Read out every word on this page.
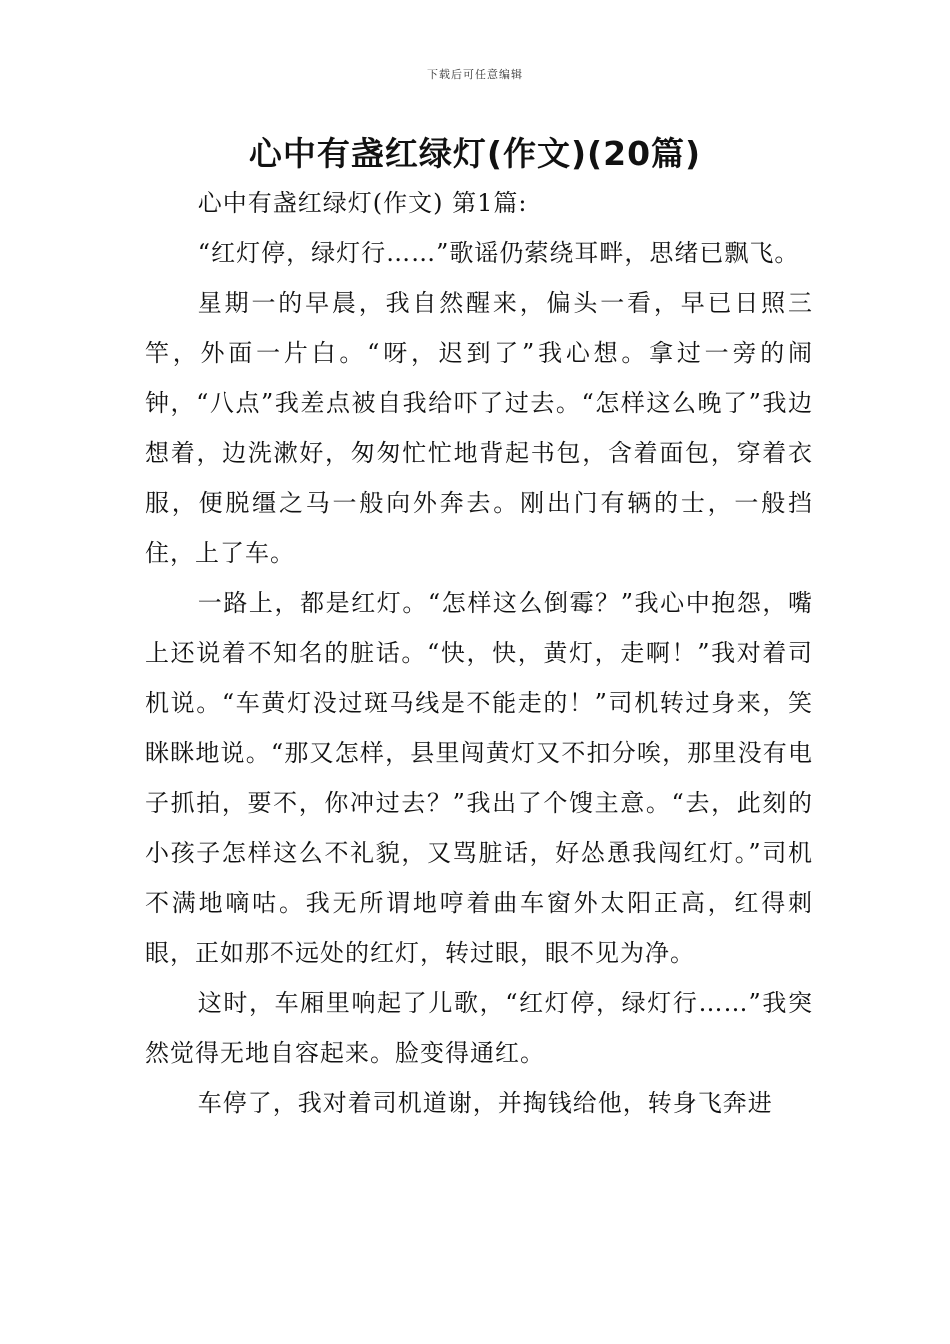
下载后可任意编辑
心中有盏红绿灯(作文)(20篇)

心中有盏红绿灯(作文) 第1篇:

“红灯停，绿灯行……”歌谣仍萦绕耳畔，思绪已飘飞。

星期一的早晨，我自然醒来，偏头一看，早已日照三竿，外面一片白。“呀，迟到了”我心想。拿过一旁的闹钟，“八点”我差点被自我给吓了过去。“怎样这么晚了”我边想着，边洗漱好，匆匆忙忙地背起书包，含着面包，穿着衣服，便脱缰之马一般向外奔去。刚出门有辆的士，一般挡住，上了车。

一路上，都是红灯。“怎样这么倒霉？”我心中抱怨，嘴上还说着不知名的脏话。“快，快，黄灯，走啊！”我对着司机说。“车黄灯没过斑马线是不能走的！”司机转过身来，笑眯眯地说。“那又怎样，县里闯黄灯又不扣分唉，那里没有电子抓拍，要不，你冲过去？”我出了个馊主意。“去，此刻的小孩子怎样这么不礼貌，又骂脏话，好怂恿我闯红灯。”司机不满地嘀咕。我无所谓地哼着曲车窗外太阳正高，红得刺眼，正如那不远处的红灯，转过眼，眼不见为净。

这时，车厢里响起了儿歌，“红灯停，绿灯行……”我突然觉得无地自容起来。脸变得通红。

车停了，我对着司机道谢，并掏钱给他，转身飞奔进
